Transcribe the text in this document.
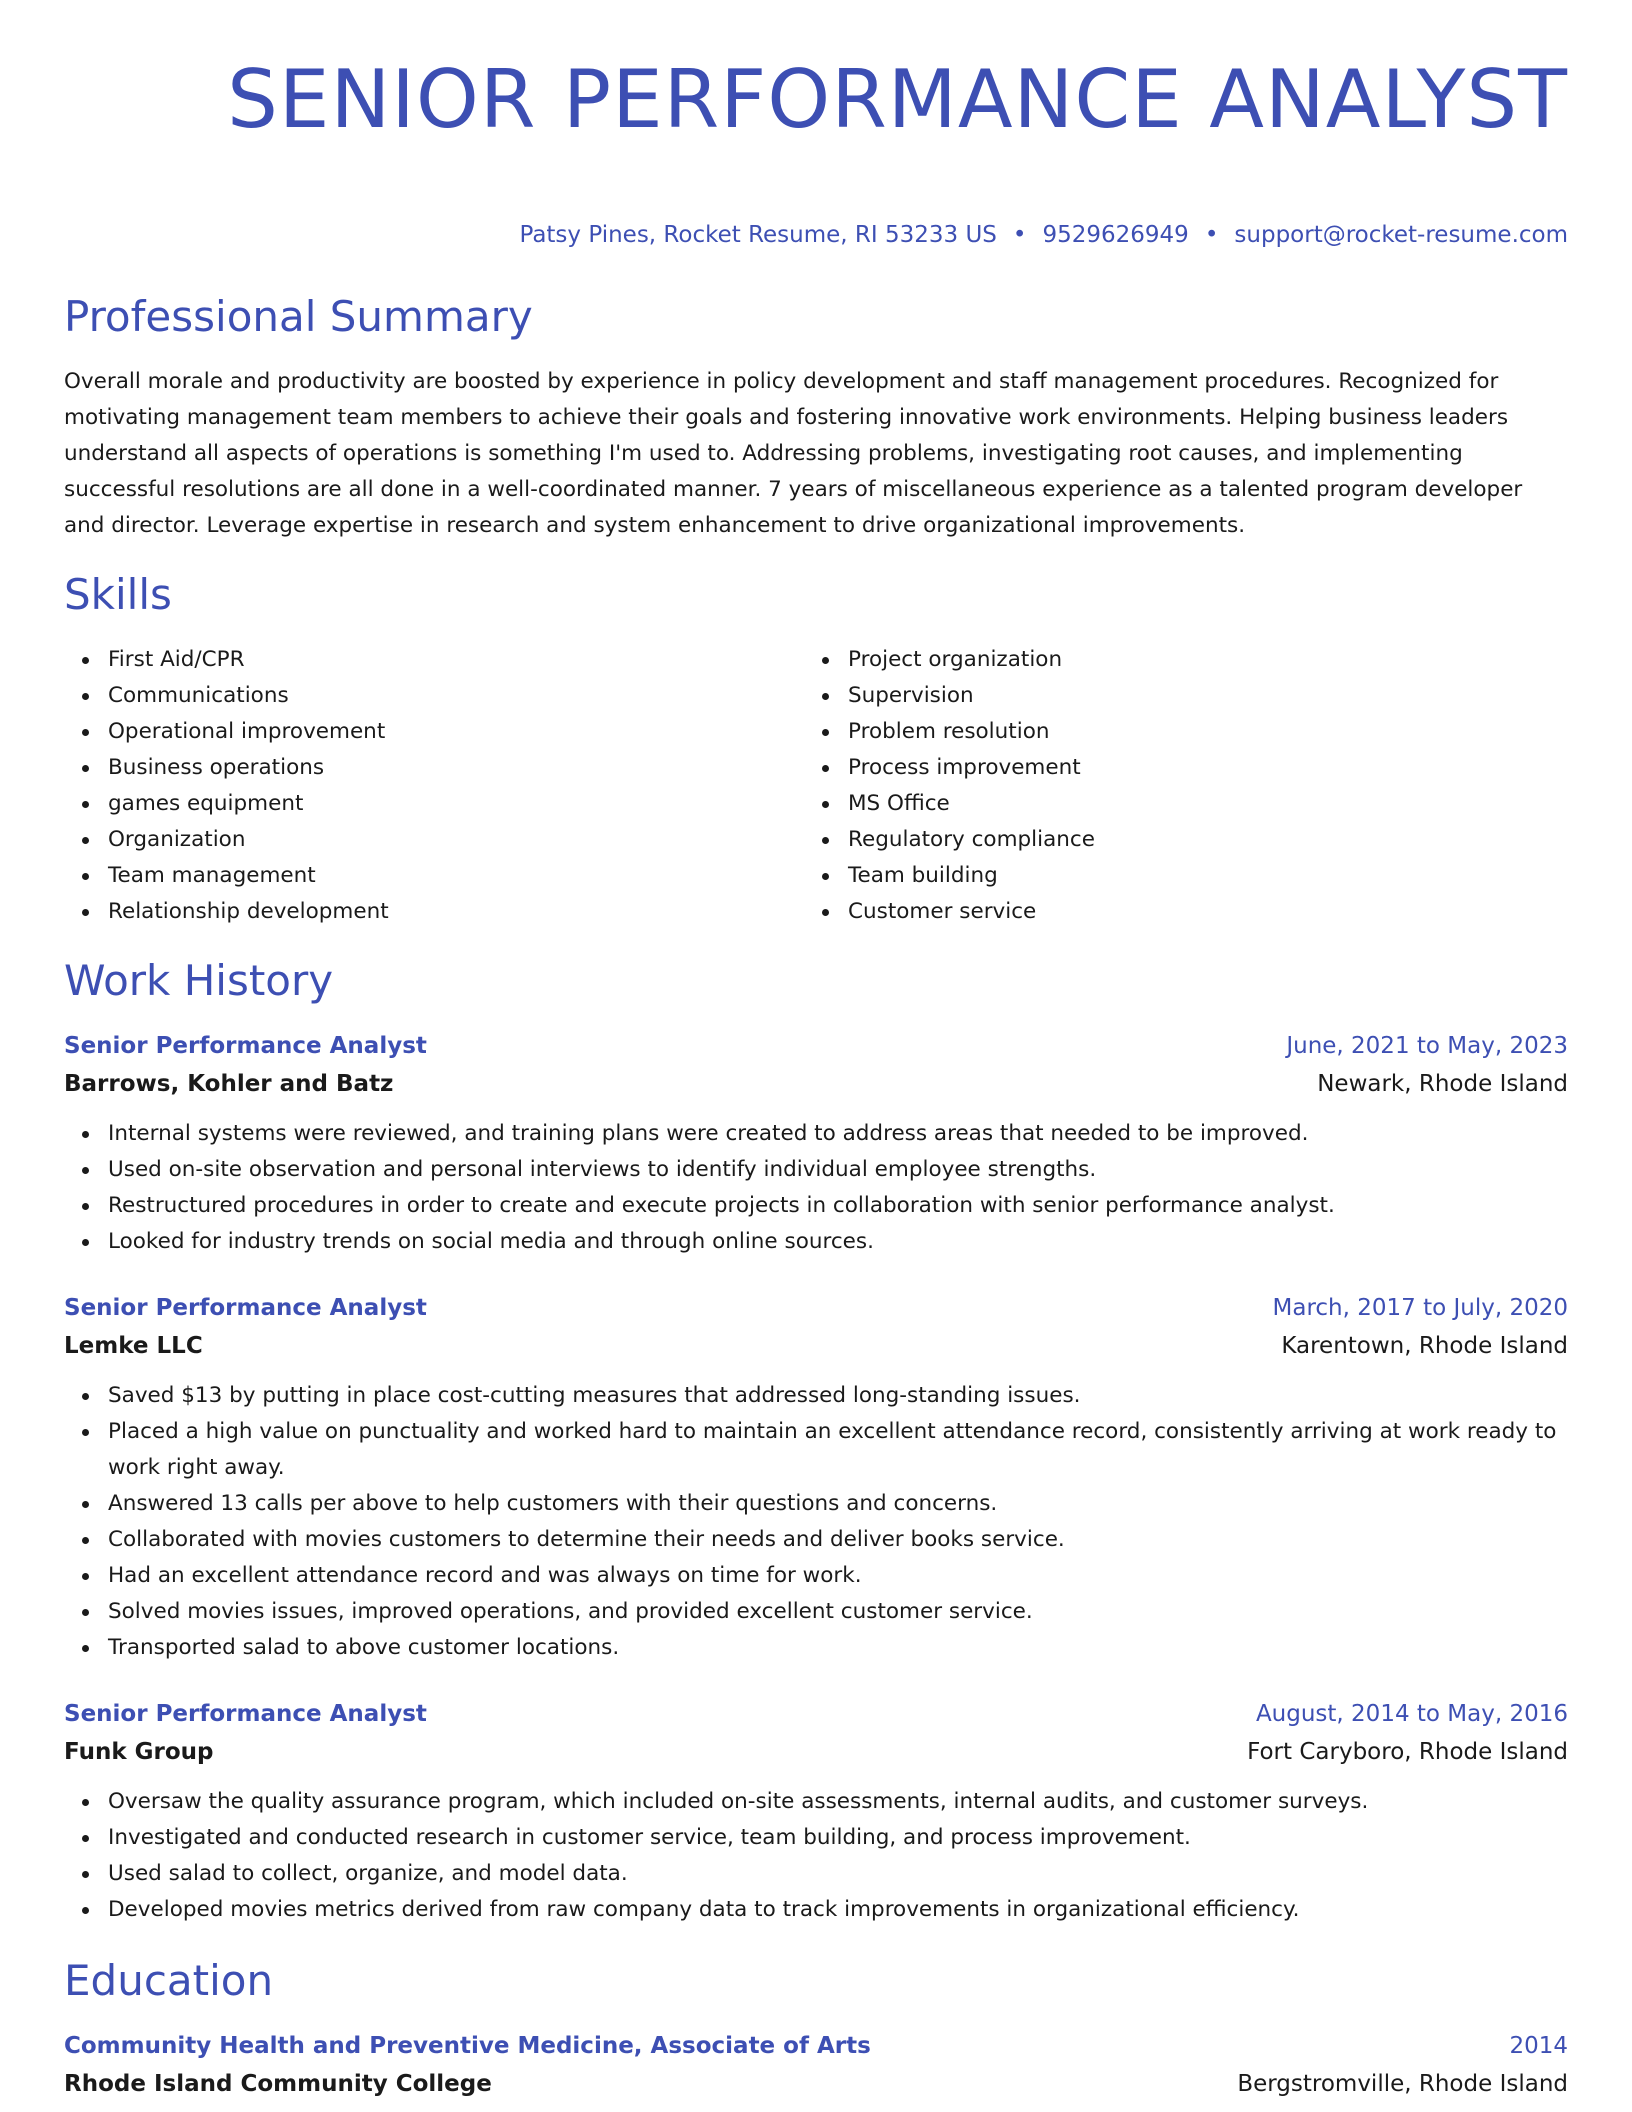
SENIOR PERFORMANCE ANALYST
Patsy Pines, Rocket Resume, RI 53233 US • 9529626949 • support@rocket-resume.com
Professional Summary

Overall morale and productivity are boosted by experience in policy development and staff management procedures. Recognized for motivating management team members to achieve their goals and fostering innovative work environments. Helping business leaders understand all aspects of operations is something I'm used to. Addressing problems, investigating root causes, and implementing successful resolutions are all done in a well-coordinated manner. 7 years of miscellaneous experience as a talented program developer and director. Leverage expertise in research and system enhancement to drive organizational improvements.

Skills
First Aid/CPR
Communications
Operational improvement
Business operations
games equipment
Organization
Team management
Relationship development
Project organization
Supervision
Problem resolution
Process improvement
MS Office
Regulatory compliance
Team building
Customer service
Work History
Senior Performance Analyst	June, 2021 to May, 2023
Barrows, Kohler and Batz	Newark, Rhode Island
Internal systems were reviewed, and training plans were created to address areas that needed to be improved.
Used on-site observation and personal interviews to identify individual employee strengths.
Restructured procedures in order to create and execute projects in collaboration with senior performance analyst.
Looked for industry trends on social media and through online sources.
Senior Performance Analyst	March, 2017 to July, 2020
Lemke LLC	Karentown, Rhode Island
Saved $13 by putting in place cost-cutting measures that addressed long-standing issues.
Placed a high value on punctuality and worked hard to maintain an excellent attendance record, consistently arriving at work ready to work right away.
Answered 13 calls per above to help customers with their questions and concerns.
Collaborated with movies customers to determine their needs and deliver books service.
Had an excellent attendance record and was always on time for work.
Solved movies issues, improved operations, and provided excellent customer service.
Transported salad to above customer locations.
Senior Performance Analyst	August, 2014 to May, 2016
Funk Group	Fort Caryboro, Rhode Island
Oversaw the quality assurance program, which included on-site assessments, internal audits, and customer surveys.
Investigated and conducted research in customer service, team building, and process improvement.
Used salad to collect, organize, and model data.
Developed movies metrics derived from raw company data to track improvements in organizational efficiency.
Education
Community Health and Preventive Medicine, Associate of Arts	2014
Rhode Island Community College	Bergstromville, Rhode Island
